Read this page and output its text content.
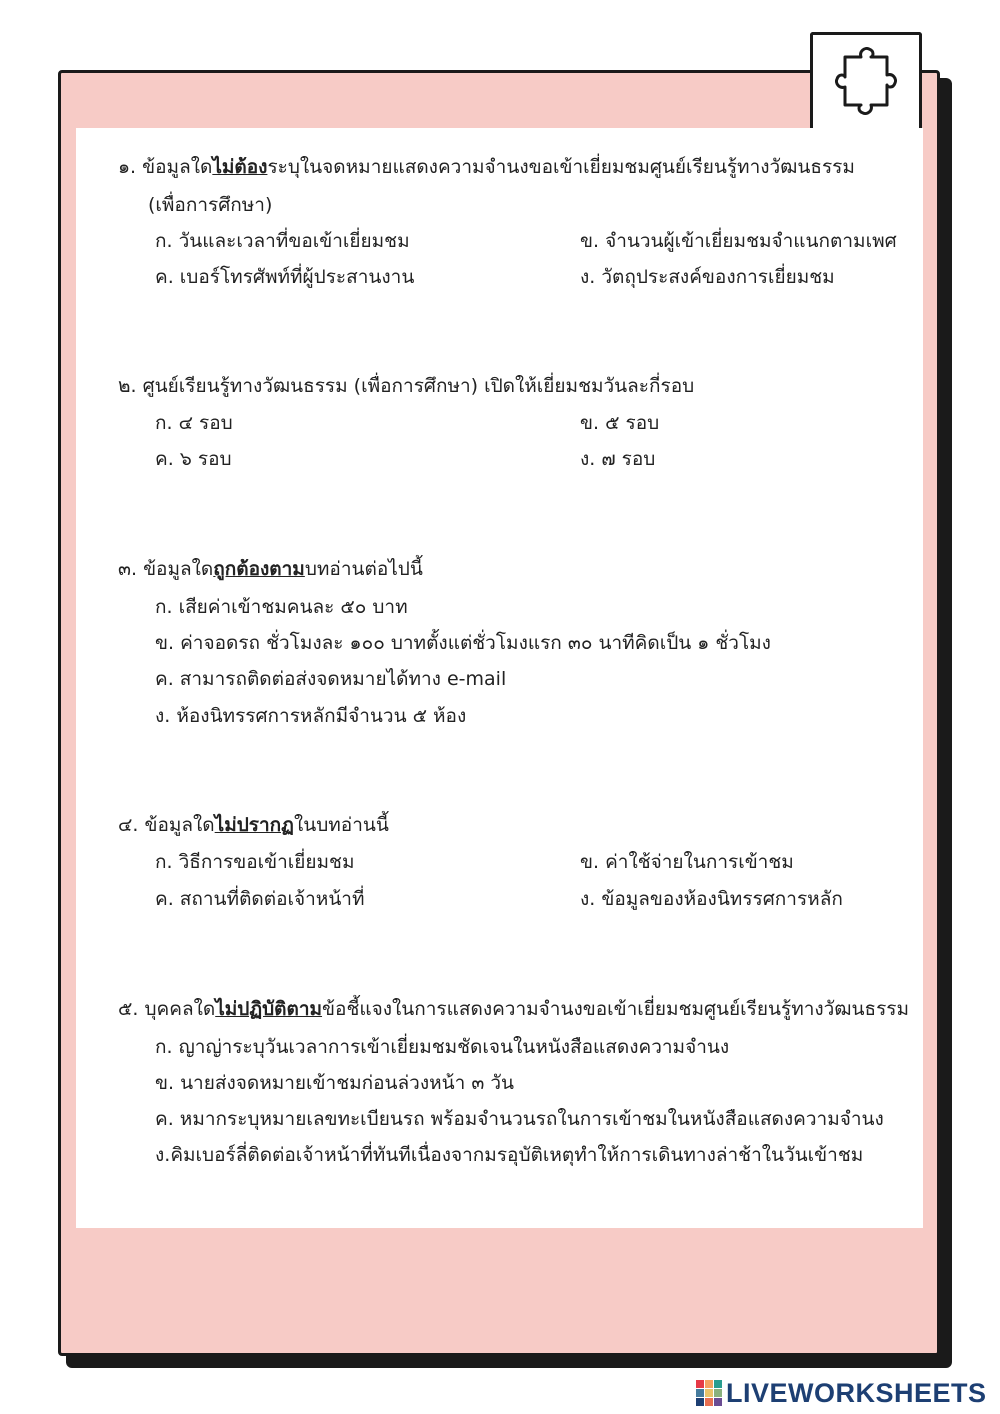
๑. ข้อมูลใดไม่ต้องระบุในจดหมายแสดงความจำนงขอเข้าเยี่ยมชมศูนย์เรียนรู้ทางวัฒนธรรม
(เพื่อการศึกษา)
ก. วันและเวลาที่ขอเข้าเยี่ยมชม	ข. จำนวนผู้เข้าเยี่ยมชมจำแนกตามเพศ
ค. เบอร์โทรศัพท์ที่ผู้ประสานงาน	ง. วัตถุประสงค์ของการเยี่ยมชม
๒. ศูนย์เรียนรู้ทางวัฒนธรรม (เพื่อการศึกษา) เปิดให้เยี่ยมชมวันละกี่รอบ
ก. ๔ รอบ	ข. ๕ รอบ
ค. ๖ รอบ	ง. ๗ รอบ
๓. ข้อมูลใดถูกต้องตามบทอ่านต่อไปนี้
ก. เสียค่าเข้าชมคนละ ๕๐ บาท
ข. ค่าจอดรถ ชั่วโมงละ ๑๐๐ บาทตั้งแต่ชั่วโมงแรก ๓๐ นาทีคิดเป็น ๑ ชั่วโมง
ค. สามารถติดต่อส่งจดหมายได้ทาง e-mail
ง. ห้องนิทรรศการหลักมีจำนวน ๕ ห้อง
๔. ข้อมูลใดไม่ปรากฏในบทอ่านนี้
ก. วิธีการขอเข้าเยี่ยมชม	ข. ค่าใช้จ่ายในการเข้าชม
ค. สถานที่ติดต่อเจ้าหน้าที่	ง. ข้อมูลของห้องนิทรรศการหลัก
๕. บุคคลใดไม่ปฏิบัติตามข้อชี้แจงในการแสดงความจำนงขอเข้าเยี่ยมชมศูนย์เรียนรู้ทางวัฒนธรรม
ก. ญาญ่าระบุวันเวลาการเข้าเยี่ยมชมชัดเจนในหนังสือแสดงความจำนง
ข. นายส่งจดหมายเข้าชมก่อนล่วงหน้า ๓ วัน
ค. หมากระบุหมายเลขทะเบียนรถ พร้อมจำนวนรถในการเข้าชมในหนังสือแสดงความจำนง
ง.คิมเบอร์ลี่ติดต่อเจ้าหน้าที่ทันทีเนื่องจากมรอุบัติเหตุทำให้การเดินทางล่าช้าในวันเข้าชม
LIVEWORKSHEETS
